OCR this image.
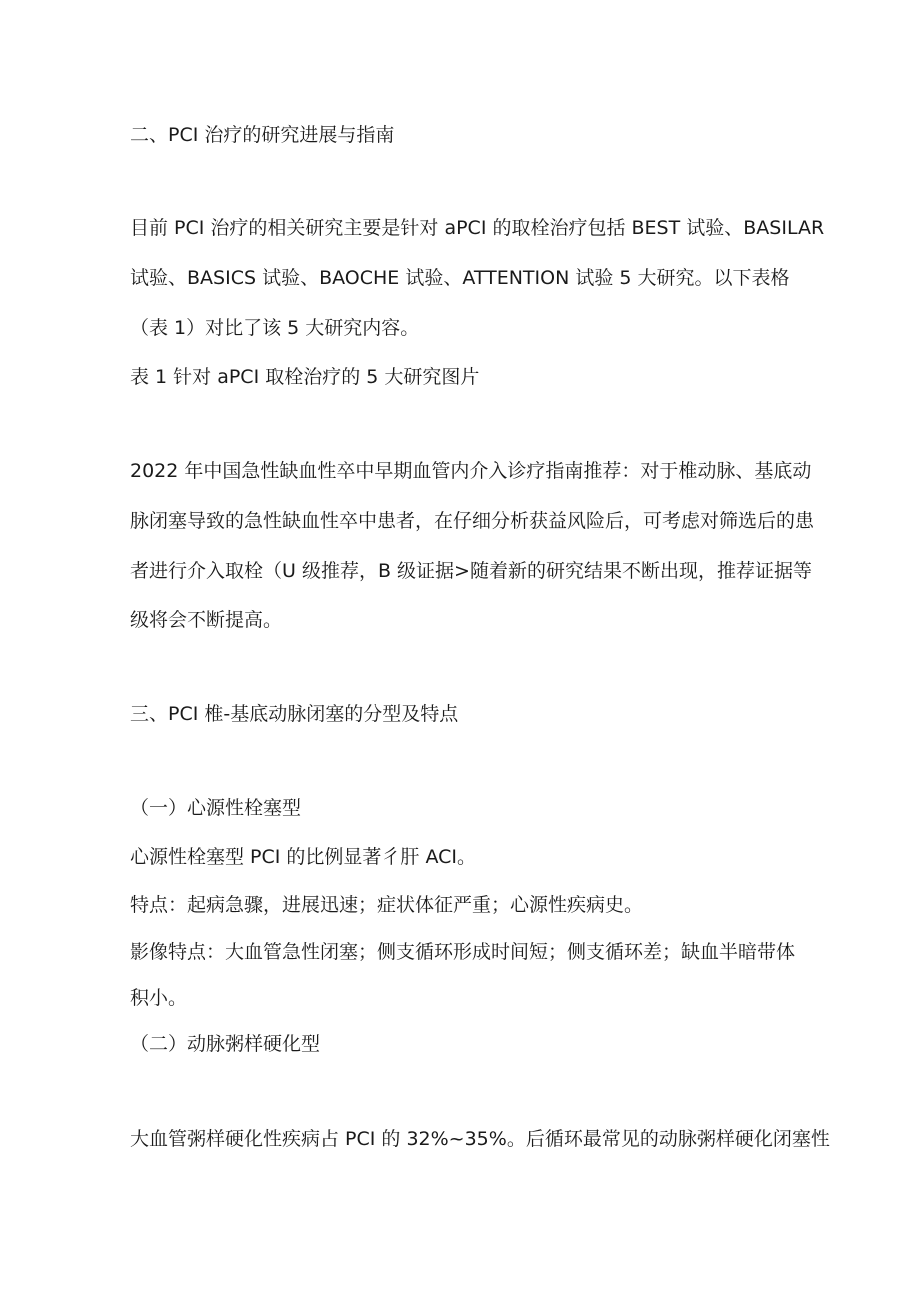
二、PCI 治疗的研究进展与指南

目前 PCI 治疗的相关研究主要是针对 aPCI 的取栓治疗包括 BEST 试验、BASILAR

试验、BASICS 试验、BAOCHE 试验、ATTENTION 试验 5 大研究。以下表格

（表 1）对比了该 5 大研究内容。

表 1 针对 aPCI 取栓治疗的 5 大研究图片

2022 年中国急性缺血性卒中早期血管内介入诊疗指南推荐：对于椎动脉、基底动

脉闭塞导致的急性缺血性卒中患者，在仔细分析获益风险后，可考虑对筛选后的患

者进行介入取栓（U 级推荐，B 级证据>随着新的研究结果不断出现，推荐证据等

级将会不断提高。

三、PCI 椎-基底动脉闭塞的分型及特点

（一）心源性栓塞型

心源性栓塞型 PCI 的比例显著彳肝 ACI。

特点：起病急骤，进展迅速；症状体征严重；心源性疾病史。

影像特点：大血管急性闭塞；侧支循环形成时间短；侧支循环差；缺血半暗带体

积小。

（二）动脉粥样硬化型

大血管粥样硬化性疾病占 PCI 的 32%~35%。后循环最常见的动脉粥样硬化闭塞性
